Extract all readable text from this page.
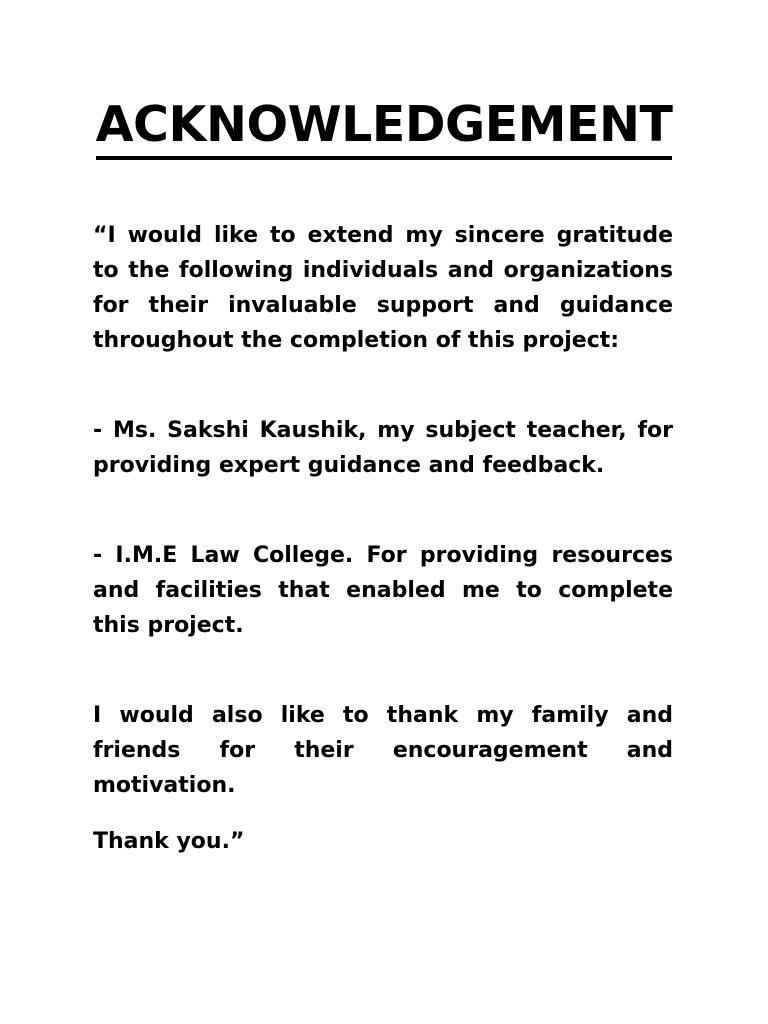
ACKNOWLEDGEMENT

“I would like to extend my sincere gratitude to the following individuals and organizations for their invaluable support and guidance throughout the completion of this project:

- Ms. Sakshi Kaushik, my subject teacher, for providing expert guidance and feedback.

- I.M.E Law College. For providing resources and facilities that enabled me to complete this project.

I would also like to thank my family and friends for their encouragement and motivation.

Thank you.”
